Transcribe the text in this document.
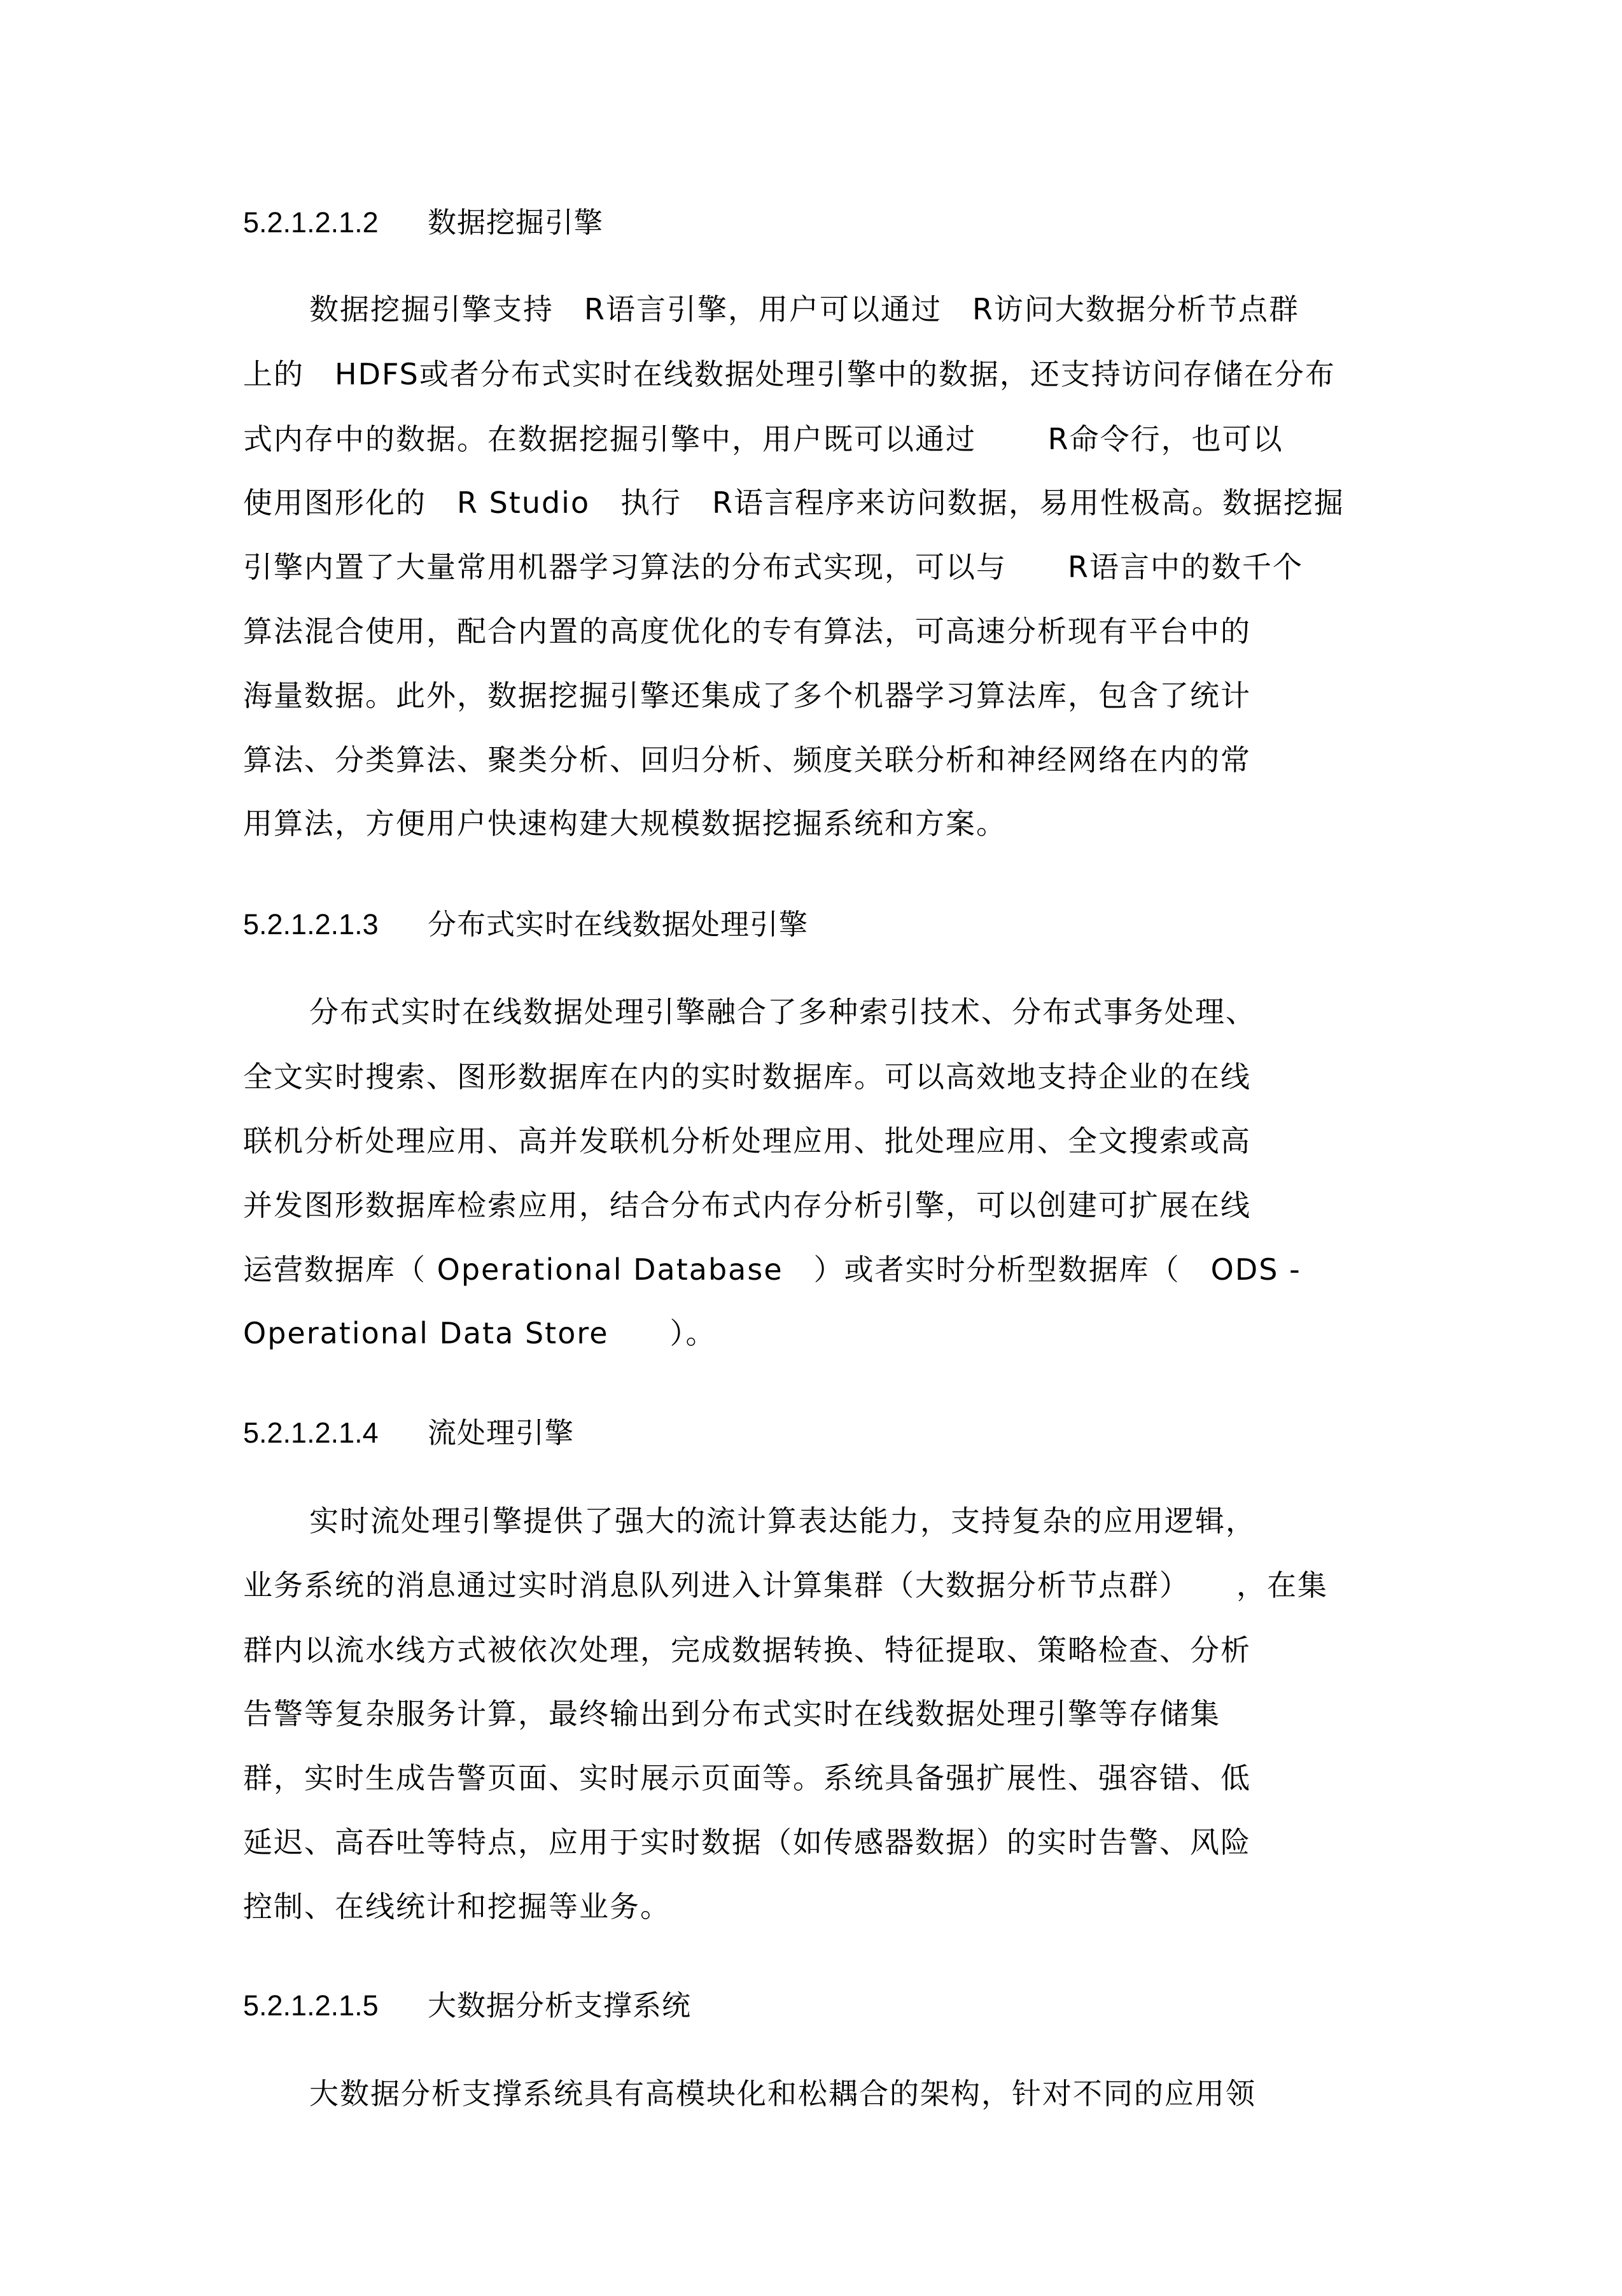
5.2.1.2.1.2 数据挖掘引擎
数据挖掘引擎支持　R语言引擎，用户可以通过　R访问大数据分析节点群
上的　HDFS或者分布式实时在线数据处理引擎中的数据，还支持访问存储在分布
式内存中的数据。在数据挖掘引擎中，用户既可以通过　　 R命令行，也可以
使用图形化的　R Studio　执行　R语言程序来访问数据，易用性极高。数据挖掘
引擎内置了大量常用机器学习算法的分布式实现，可以与　　R语言中的数千个
算法混合使用，配合内置的高度优化的专有算法，可高速分析现有平台中的
海量数据。此外，数据挖掘引擎还集成了多个机器学习算法库，包含了统计
算法、分类算法、聚类分析、回归分析、频度关联分析和神经网络在内的常
用算法，方便用户快速构建大规模数据挖掘系统和方案。
5.2.1.2.1.3 分布式实时在线数据处理引擎
分布式实时在线数据处理引擎融合了多种索引技术、分布式事务处理、
全文实时搜索、图形数据库在内的实时数据库。可以高效地支持企业的在线
联机分析处理应用、高并发联机分析处理应用、批处理应用、全文搜索或高
并发图形数据库检索应用，结合分布式内存分析引擎，可以创建可扩展在线
运营数据库（ Operational Database　）或者实时分析型数据库（　ODS -
Operational Data Store　　）。
5.2.1.2.1.4 流处理引擎
实时流处理引擎提供了强大的流计算表达能力，支持复杂的应用逻辑，
业务系统的消息通过实时消息队列进入计算集群（大数据分析节点群）　　，在集
群内以流水线方式被依次处理，完成数据转换、特征提取、策略检查、分析
告警等复杂服务计算，最终输出到分布式实时在线数据处理引擎等存储集
群，实时生成告警页面、实时展示页面等。系统具备强扩展性、强容错、低
延迟、高吞吐等特点，应用于实时数据（如传感器数据）的实时告警、风险
控制、在线统计和挖掘等业务。
5.2.1.2.1.5 大数据分析支撑系统
大数据分析支撑系统具有高模块化和松耦合的架构，针对不同的应用领
